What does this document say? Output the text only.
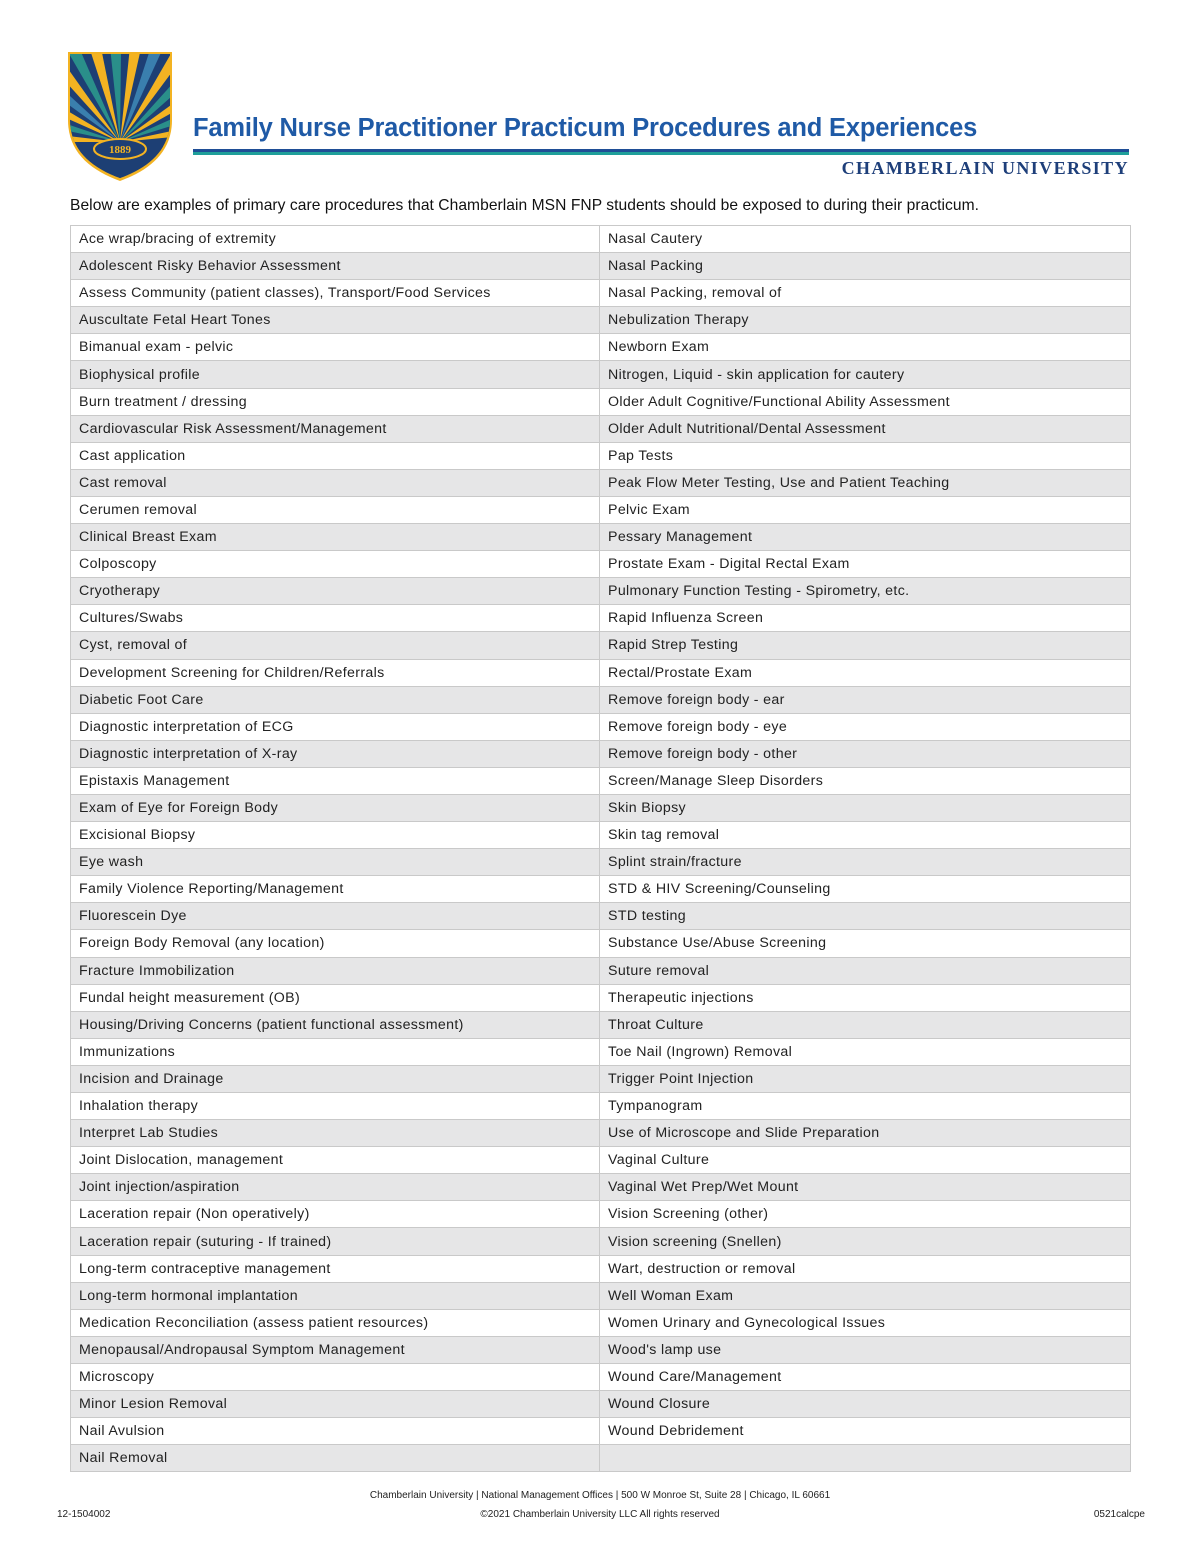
1889
Family Nurse Practitioner Practicum Procedures and Experiences

CHAMBERLAIN UNIVERSITY

Below are examples of primary care procedures that Chamberlain MSN FNP students should be exposed to during their practicum.

Ace wrap/bracing of extremity	Nasal Cautery
Adolescent Risky Behavior Assessment	Nasal Packing
Assess Community (patient classes), Transport/Food Services	Nasal Packing, removal of
Auscultate Fetal Heart Tones	Nebulization Therapy
Bimanual exam - pelvic	Newborn Exam
Biophysical profile	Nitrogen, Liquid - skin application for cautery
Burn treatment / dressing	Older Adult Cognitive/Functional Ability Assessment
Cardiovascular Risk Assessment/Management	Older Adult Nutritional/Dental Assessment
Cast application	Pap Tests
Cast removal	Peak Flow Meter Testing, Use and Patient Teaching
Cerumen removal	Pelvic Exam
Clinical Breast Exam	Pessary Management
Colposcopy	Prostate Exam - Digital Rectal Exam
Cryotherapy	Pulmonary Function Testing - Spirometry, etc.
Cultures/Swabs	Rapid Influenza Screen
Cyst, removal of	Rapid Strep Testing
Development Screening for Children/Referrals	Rectal/Prostate Exam
Diabetic Foot Care	Remove foreign body - ear
Diagnostic interpretation of ECG	Remove foreign body - eye
Diagnostic interpretation of X-ray	Remove foreign body - other
Epistaxis Management	Screen/Manage Sleep Disorders
Exam of Eye for Foreign Body	Skin Biopsy
Excisional Biopsy	Skin tag removal
Eye wash	Splint strain/fracture
Family Violence Reporting/Management	STD & HIV Screening/Counseling
Fluorescein Dye	STD testing
Foreign Body Removal (any location)	Substance Use/Abuse Screening
Fracture Immobilization	Suture removal
Fundal height measurement (OB)	Therapeutic injections
Housing/Driving Concerns (patient functional assessment)	Throat Culture
Immunizations	Toe Nail (Ingrown) Removal
Incision and Drainage	Trigger Point Injection
Inhalation therapy	Tympanogram
Interpret Lab Studies	Use of Microscope and Slide Preparation
Joint Dislocation, management	Vaginal Culture
Joint injection/aspiration	Vaginal Wet Prep/Wet Mount
Laceration repair (Non operatively)	Vision Screening (other)
Laceration repair (suturing - If trained)	Vision screening (Snellen)
Long-term contraceptive management	Wart, destruction or removal
Long-term hormonal implantation	Well Woman Exam
Medication Reconciliation (assess patient resources)	Women Urinary and Gynecological Issues
Menopausal/Andropausal Symptom Management	Wood's lamp use
Microscopy	Wound Care/Management
Minor Lesion Removal	Wound Closure
Nail Avulsion	Wound Debridement
Nail Removal	
Chamberlain University | National Management Offices | 500 W Monroe St, Suite 28 | Chicago, IL 60661
12-1504002	©2021 Chamberlain University LLC All rights reserved	0521calcpe
